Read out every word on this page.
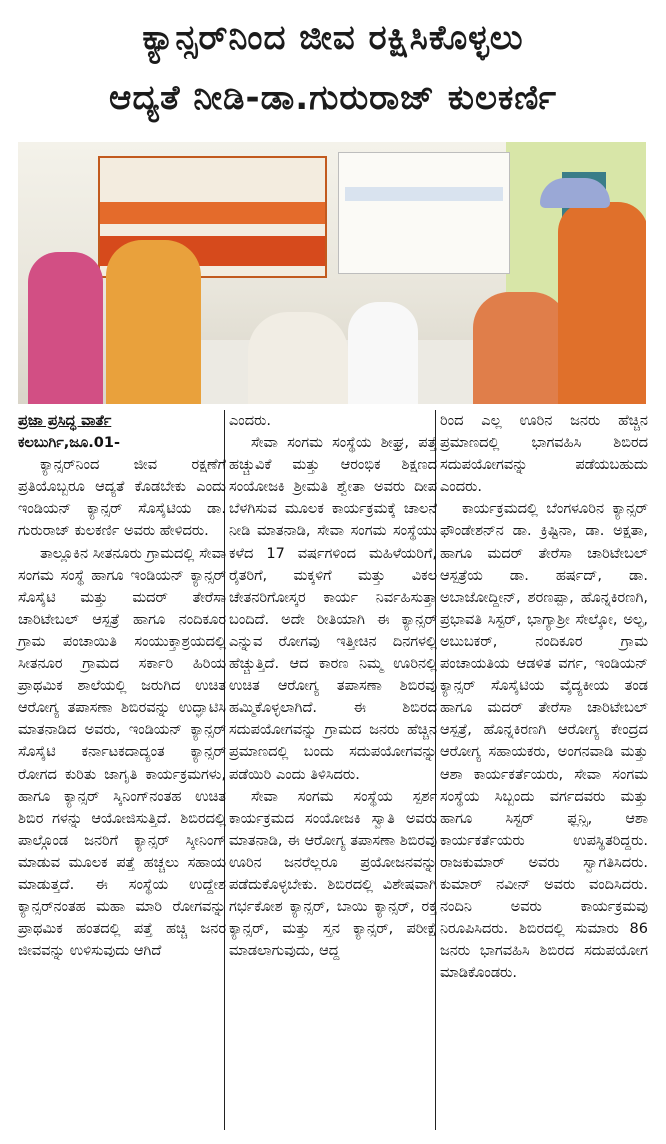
ಕ್ಯಾನ್ಸರ್‌ನಿಂದ ಜೀವ ರಕ್ಷಿಸಿಕೊಳ್ಳಲು
ಆದ್ಯತೆ ನೀಡಿ-ಡಾ.ಗುರುರಾಜ್ ಕುಲಕರ್ಣಿ

ಪ್ರಜಾ ಪ್ರಸಿದ್ಧ ವಾರ್ತೆ

ಕಲಬುರ್ಗಿ,ಜೂ.01-

ಕ್ಯಾನ್ಸರ್‌ನಿಂದ ಜೀವ ರಕ್ಷಣೆಗೆ ಪ್ರತಿಯೊಬ್ಬರೂ ಆದ್ಯತೆ ಕೊಡಬೇಕು ಎಂದು ಇಂಡಿಯನ್ ಕ್ಯಾನ್ಸರ್ ಸೊಸೈಟಿಯ ಡಾ. ಗುರುರಾಜ್ ಕುಲಕರ್ಣಿ ಅವರು ಹೇಳಿದರು.

ತಾಲ್ಲೂಕಿನ ಸೀತನೂರು ಗ್ರಾಮದಲ್ಲಿ ಸೇವಾ ಸಂಗಮ ಸಂಸ್ಥೆ ಹಾಗೂ ಇಂಡಿಯನ್ ಕ್ಯಾನ್ಸರ್ ಸೊಸೈಟಿ ಮತ್ತು ಮದರ್ ತೇರೆಸಾ ಚಾರಿಟೇಬಲ್ ಆಸ್ಪತ್ರೆ ಹಾಗೂ ನಂದಿಕೂರ ಗ್ರಾಮ ಪಂಚಾಯಿತಿ ಸಂಯುಕ್ತಾಶ್ರಯದಲ್ಲಿ ಸೀತನೂರ ಗ್ರಾಮದ ಸರ್ಕಾರಿ ಹಿರಿಯ ಪ್ರಾಥಮಿಕ ಶಾಲೆಯಲ್ಲಿ ಜರುಗಿದ ಉಚಿತ ಆರೋಗ್ಯ ತಪಾಸಣಾ ಶಿಬಿರವನ್ನು ಉದ್ಘಾಟಿಸಿ ಮಾತನಾಡಿದ ಅವರು, ಇಂಡಿಯನ್ ಕ್ಯಾನ್ಸರ್ ಸೊಸೈಟಿ ಕರ್ನಾಟಕದಾದ್ಯಂತ ಕ್ಯಾನ್ಸರ್ ರೋಗದ ಕುರಿತು ಜಾಗೃತಿ ಕಾರ್ಯಕ್ರಮಗಳು, ಹಾಗೂ ಕ್ಯಾನ್ಸರ್ ಸ್ಕಿನಿಂಗ್‌ನಂತಹ ಉಚಿತ ಶಿಬಿರ ಗಳನ್ನು ಆಯೋಜಿಸುತ್ತಿದೆ. ಶಿಬಿರದಲ್ಲಿ ಪಾಲ್ಗೊಂಡ ಜನರಿಗೆ ಕ್ಯಾನ್ಸರ್ ಸ್ಕೀನಿಂಗ್ ಮಾಡುವ ಮೂಲಕ ಪತ್ತೆ ಹಚ್ಚಲು ಸಹಾಯ ಮಾಡುತ್ತದೆ. ಈ ಸಂಸ್ಥೆಯ ಉದ್ದೇಶ ಕ್ಯಾನ್ಸರ್‌ನಂತಹ ಮಹಾ ಮಾರಿ ರೋಗವನ್ನು ಪ್ರಾಥಮಿಕ ಹಂತದಲ್ಲಿ ಪತ್ತೆ ಹಚ್ಚಿ ಜನರ ಜೀವವನ್ನು ಉಳಿಸುವುದು ಆಗಿದೆ

ಎಂದರು.

ಸೇವಾ ಸಂಗಮ ಸಂಸ್ಥೆಯ ಶೀಘ್ರ, ಪತ್ತೆ ಹಚ್ಚುವಿಕೆ ಮತ್ತು ಆರಂಭಿಕ ಶಿಕ್ಷಣದ ಸಂಯೋಜಕಿ ಶ್ರೀಮತಿ ಶ್ವೇತಾ ಅವರು ದೀಪ ಬೆಳಗಿಸುವ ಮೂಲಕ ಕಾರ್ಯಕ್ರಮಕ್ಕೆ ಚಾಲನೆ ನೀಡಿ ಮಾತನಾಡಿ, ಸೇವಾ ಸಂಗಮ ಸಂಸ್ಥೆಯು ಕಳೆದ 17 ವರ್ಷಗಳಿಂದ ಮಹಿಳೆಯರಿಗೆ, ರೈತರಿಗೆ, ಮಕ್ಕಳಿಗೆ ಮತ್ತು ವಿಕಲ ಚೇತನರಿಗೋಸ್ಕರ ಕಾರ್ಯ ನಿರ್ವಹಿಸುತ್ತಾ ಬಂದಿದೆ. ಅದೇ ರೀತಿಯಾಗಿ ಈ ಕ್ಯಾನ್ಸರ್ ಎನ್ನುವ ರೋಗವು ಇತ್ತೀಚಿನ ದಿನಗಳಲ್ಲಿ ಹೆಚ್ಚುತ್ತಿದೆ. ಆದ ಕಾರಣ ನಿಮ್ಮ ಊರಿನಲ್ಲಿ ಉಚಿತ ಆರೋಗ್ಯ ತಪಾಸಣಾ ಶಿಬಿರವು ಹಮ್ಮಿಕೊಳ್ಳಲಾಗಿದೆ. ಈ ಶಿಬಿರದ ಸದುಪಯೋಗವನ್ನು ಗ್ರಾಮದ ಜನರು ಹೆಚ್ಚಿನ ಪ್ರಮಾಣದಲ್ಲಿ ಬಂದು ಸದುಪಯೋಗವನ್ನು ಪಡೆಯಿರಿ ಎಂದು ತಿಳಿಸಿದರು.

ಸೇವಾ ಸಂಗಮ ಸಂಸ್ಥೆಯ ಸ್ಪರ್ಶ ಕಾರ್ಯಕ್ರಮದ ಸಂಯೋಜಕಿ ಸ್ವಾತಿ ಅವರು ಮಾತನಾಡಿ, ಈ ಆರೋಗ್ಯ ತಪಾಸಣಾ ಶಿಬಿರವು ಊರಿನ ಜನರೆಲ್ಲರೂ ಪ್ರಯೋಜನವನ್ನು ಪಡೆದುಕೊಳ್ಳಬೇಕು. ಶಿಬಿರದಲ್ಲಿ ವಿಶೇಷವಾಗಿ ಗರ್ಭಕೋಶ ಕ್ಯಾನ್ಸರ್, ಬಾಯಿ ಕ್ಯಾನ್ಸರ್, ರಕ್ತ ಕ್ಯಾನ್ಸರ್, ಮತ್ತು ಸ್ತನ ಕ್ಯಾನ್ಸರ್, ಪರೀಕ್ಷೆ ಮಾಡಲಾಗುವುದು, ಆದ್ದ

ರಿಂದ ಎಲ್ಲ ಊರಿನ ಜನರು ಹೆಚ್ಚಿನ ಪ್ರಮಾಣದಲ್ಲಿ ಭಾಗವಹಿಸಿ ಶಿಬಿರದ ಸದುಪಯೋಗವನ್ನು ಪಡೆಯಬಹುದು ಎಂದರು.

ಕಾರ್ಯಕ್ರಮದಲ್ಲಿ ಬೆಂಗಳೂರಿನ ಕ್ಯಾನ್ಸರ್ ಫೌಂಡೇಶನ್‌ನ ಡಾ. ಕ್ರಿಷ್ಟಿನಾ, ಡಾ. ಅಕ್ಷತಾ, ಹಾಗೂ ಮದರ್ ತೇರೆಸಾ ಚಾರಿಟೇಬಲ್ ಆಸ್ಪತ್ರೆಯ ಡಾ. ಹರ್ಷದ್, ಡಾ. ಅಬಾಜೋದ್ದೀನ್, ಶರಣಪ್ಪಾ, ಹೊನ್ನಕಿರಣಗಿ, ಪ್ರಭಾವತಿ ಸಿಸ್ಟರ್, ಭಾಗ್ಯಾಶ್ರೀ ಸೇಲ್ಕೋ, ಅಲ್ಫ, ಅಬುಬಕರ್, ನಂದಿಕೂರ ಗ್ರಾಮ ಪಂಚಾಯತಿಯ ಆಡಳಿತ ವರ್ಗ, ಇಂಡಿಯನ್ ಕ್ಯಾನ್ಸರ್ ಸೊಸೈಟಿಯ ವೈದ್ಯಕೀಯ ತಂಡ ಹಾಗೂ ಮದರ್ ತೇರೆಸಾ ಚಾರಿಟೇಬಲ್ ಆಸ್ಪತ್ರೆ, ಹೊನ್ನಕಿರಣಗಿ ಆರೋಗ್ಯ ಕೇಂದ್ರದ ಆರೋಗ್ಯ ಸಹಾಯಕರು, ಅಂಗನವಾಡಿ ಮತ್ತು ಆಶಾ ಕಾರ್ಯಕರ್ತೆಯರು, ಸೇವಾ ಸಂಗಮ ಸಂಸ್ಥೆಯ ಸಿಬ್ಬಂದು ವರ್ಗದವರು ಮತ್ತು ಹಾಗೂ ಸಿಸ್ಟರ್ ಫ್ಲನ್ಸಿ, ಆಶಾ ಕಾರ್ಯಕರ್ತೆಯರು ಉಪಸ್ಥಿತರಿದ್ದರು. ರಾಜಕುಮಾರ್ ಅವರು ಸ್ವಾಗತಿಸಿದರು. ಕುಮಾರ್ ನವೀನ್ ಅವರು ವಂದಿಸಿದರು. ನಂದಿನಿ ಅವರು ಕಾರ್ಯಕ್ರಮವು ನಿರೂಪಿಸಿದರು. ಶಿಬಿರದಲ್ಲಿ ಸುಮಾರು 86 ಜನರು ಭಾಗವಹಿಸಿ ಶಿಬಿರದ ಸದುಪಯೋಗ ಮಾಡಿಕೊಂಡರು.
